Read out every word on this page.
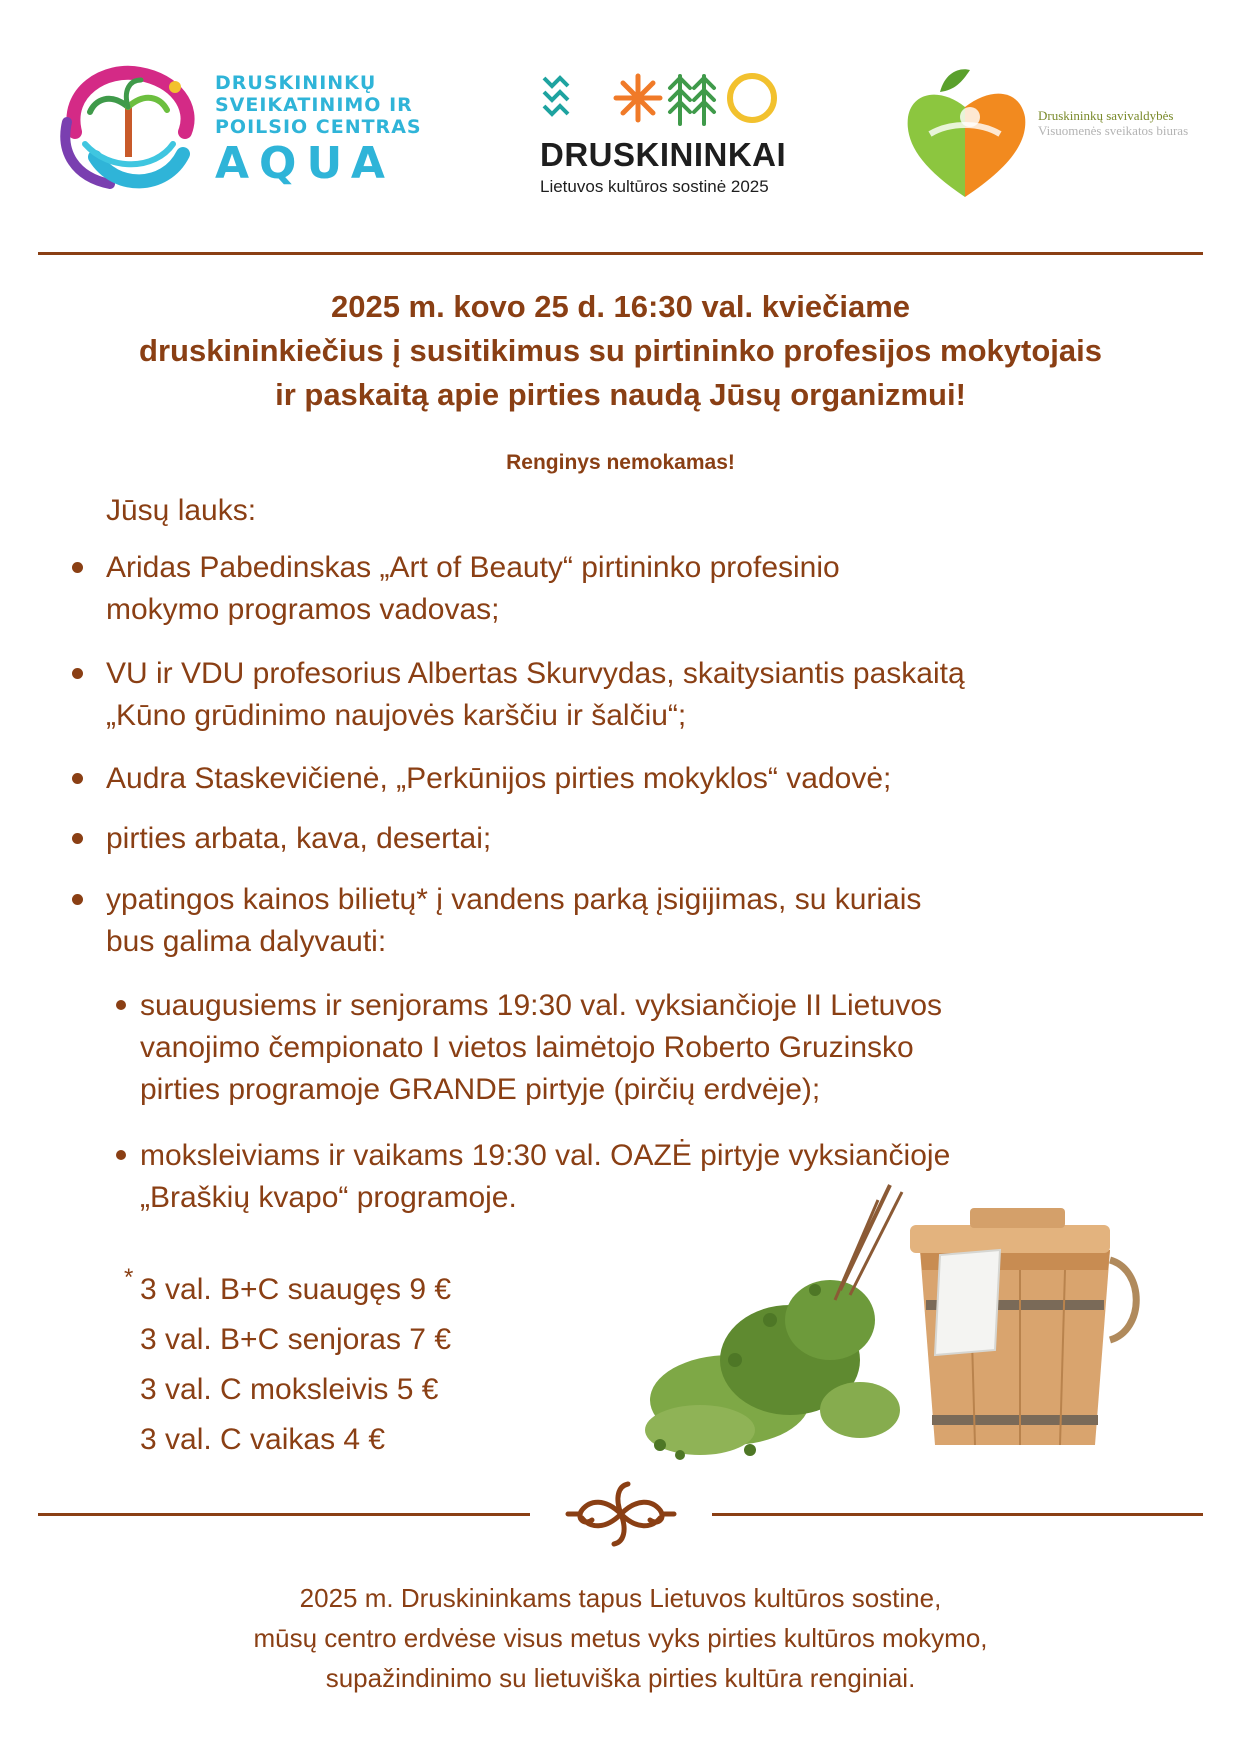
DRUSKININKŲ
SVEIKATINIMO IR
POILSIO CENTRAS
AQUA	DRUSKININKAI
Lietuvos kultūros sostinė 2025
Druskininkų savivaldybės
Visuomenės sveikatos biuras
2025 m. kovo 25 d. 16:30 val. kviečiame
druskininkiečius į susitikimus su pirtininko profesijos mokytojais
ir paskaitą apie pirties naudą Jūsų organizmui!
Renginys nemokamas!
Jūsų lauks:
Aridas Pabedinskas „Art of Beauty“ pirtininko profesinio
mokymo programos vadovas;
VU ir VDU profesorius Albertas Skurvydas, skaitysiantis paskaitą
„Kūno grūdinimo naujovės karščiu ir šalčiu“;
Audra Staskevičienė, „Perkūnijos pirties mokyklos“ vadovė;
pirties arbata, kava, desertai;
ypatingos kainos bilietų* į vandens parką įsigijimas, su kuriais
bus galima dalyvauti:
suaugusiems ir senjorams 19:30 val. vyksiančioje II Lietuvos
vanojimo čempionato I vietos laimėtojo Roberto Gruzinsko
pirties programoje GRANDE pirtyje (pirčių erdvėje);
moksleiviams ir vaikams 19:30 val. OAZĖ pirtyje vyksiančioje
„Braškių kvapo“ programoje.
* 3 val. B+C suaugęs 9 €
3 val. B+C senjoras 7 €
3 val. C moksleivis 5 €
3 val. C vaikas 4 €
2025 m. Druskininkams tapus Lietuvos kultūros sostine,
mūsų centro erdvėse visus metus vyks pirties kultūros mokymo,
supažindinimo su lietuviška pirties kultūra renginiai.
